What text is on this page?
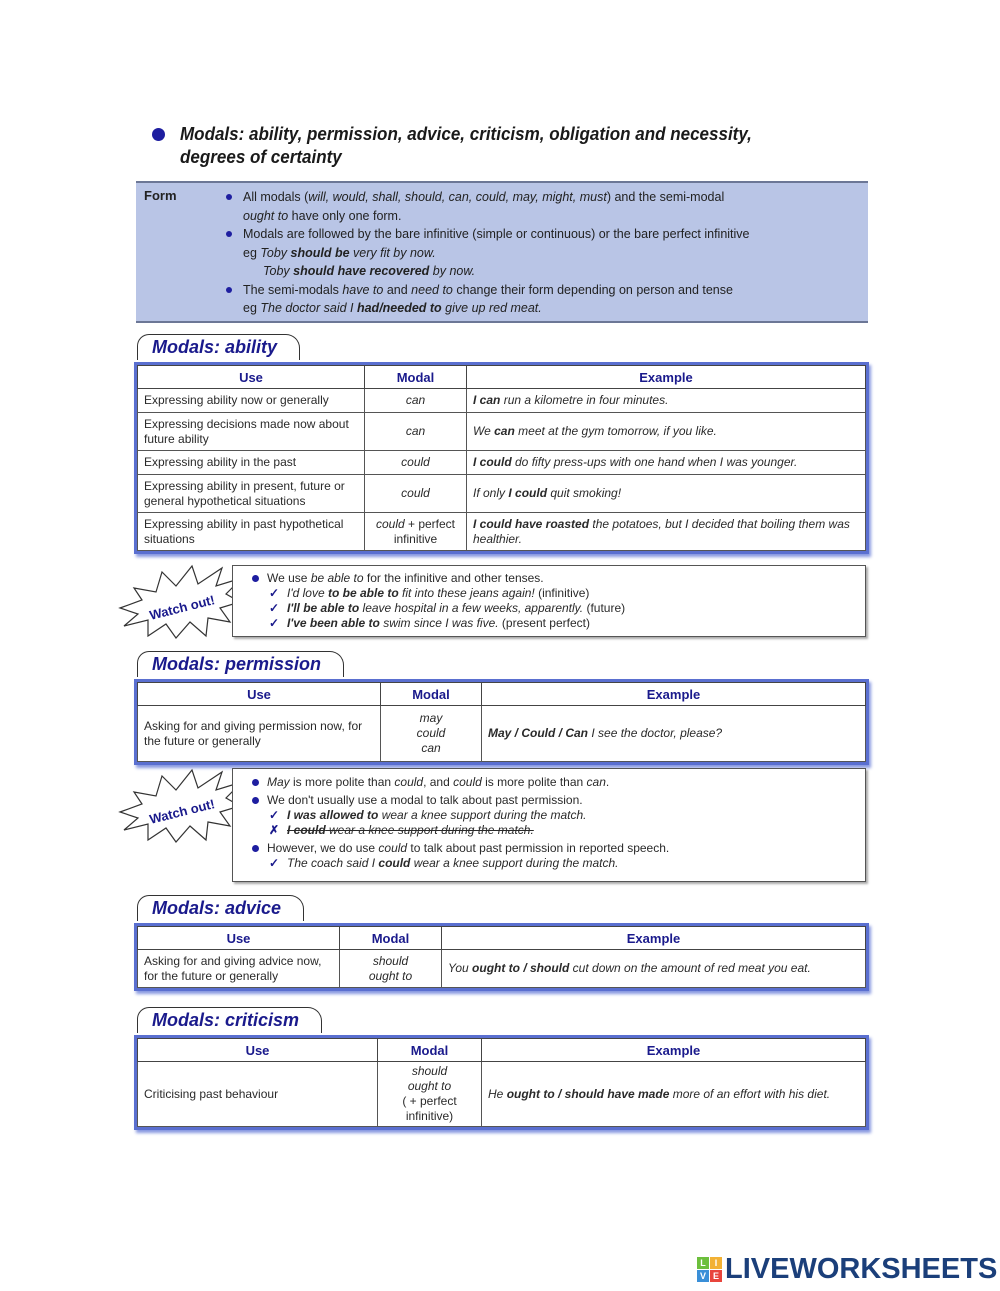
Modals: ability, permission, advice, criticism, obligation and necessity,
degrees of certainty
Form	All modals (will, would, shall, should, can, could, may, might, must) and the semi-modal
ought to have only one form.
Modals are followed by the bare infinitive (simple or continuous) or the bare perfect infinitive
eg Toby should be very fit by now.
Toby should have recovered by now.
The semi-modals have to and need to change their form depending on person and tense
eg The doctor said I had/needed to give up red meat.
Modals: ability
Use	Modal	Example
Expressing ability now or generally	can	I can run a kilometre in four minutes.
Expressing decisions made now about future ability	can	We can meet at the gym tomorrow, if you like.
Expressing ability in the past	could	I could do fifty press-ups with one hand when I was younger.
Expressing ability in present, future or general hypothetical situations	could	If only I could quit smoking!
Expressing ability in past hypothetical situations	could + perfect infinitive	I could have roasted the potatoes, but I decided that boiling them was healthier.
Watch out!
We use be able to for the infinitive and other tenses.
✓ I'd love to be able to fit into these jeans again! (infinitive)
✓ I'll be able to leave hospital in a few weeks, apparently. (future)
✓ I've been able to swim since I was five. (present perfect)
Modals: permission
Use	Modal	Example
Asking for and giving permission now, for the future or generally	may
could
can	May / Could / Can I see the doctor, please?
Watch out!
May is more polite than could, and could is more polite than can.
We don't usually use a modal to talk about past permission.
✓ I was allowed to wear a knee support during the match.
✗ I could wear a knee support during the match.
However, we do use could to talk about past permission in reported speech.
✓ The coach said I could wear a knee support during the match.
Modals: advice
Use	Modal	Example
Asking for and giving advice now, for the future or generally	should
ought to	You ought to / should cut down on the amount of red meat you eat.
Modals: criticism
Use	Modal	Example
Criticising past behaviour	should
ought to
( + perfect infinitive)	He ought to / should have made more of an effort with his diet.
L I
V E LIVEWORKSHEETS
